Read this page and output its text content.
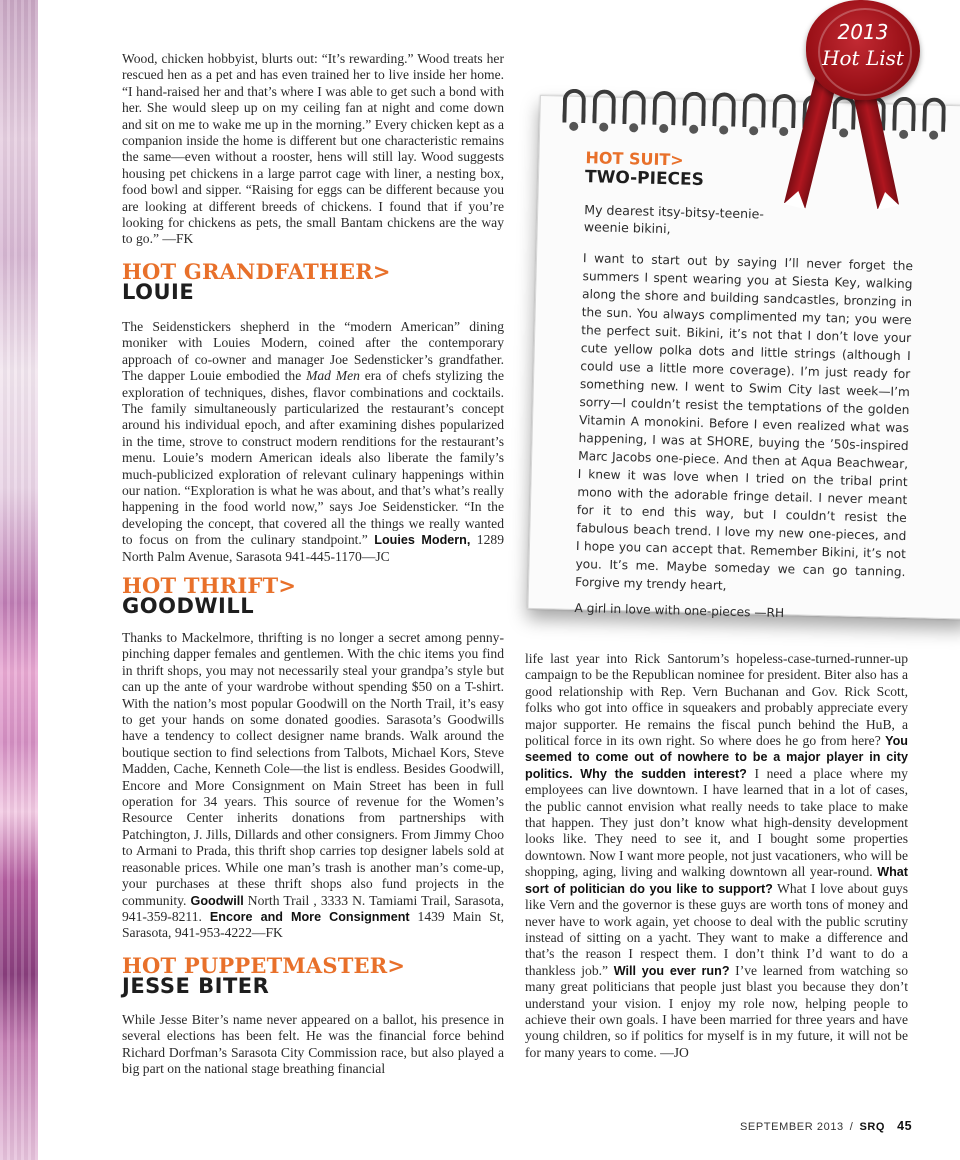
Wood, chicken hobbyist, blurts out: “It’s rewarding.” Wood treats her rescued hen as a pet and has even trained her to live inside her home. “I hand-raised her and that’s where I was able to get such a bond with her. She would sleep up on my ceiling fan at night and come down and sit on me to wake me up in the morning.” Every chicken kept as a companion inside the home is different but one characteristic remains the same—even without a rooster, hens will still lay. Wood suggests housing pet chickens in a large parrot cage with liner, a nesting box, food bowl and sipper. “Raising for eggs can be different because you are looking at different breeds of chickens. I found that if you’re looking for chickens as pets, the small Bantam chickens are the way to go.” —FK

HOT GRANDFATHER>
LOUIE

The Seidenstickers shepherd in the “modern American” dining moniker with Louies Modern, coined after the contemporary approach of co-owner and manager Joe Sedensticker’s grandfather. The dapper Louie embodied the Mad Men era of chefs stylizing the exploration of techniques, dishes, flavor combinations and cocktails. The family simultaneously particularized the restaurant’s concept around his individual epoch, and after examining dishes popularized in the time, strove to construct modern renditions for the restaurant’s menu. Louie’s modern American ideals also liberate the family’s much-publicized exploration of relevant culinary happenings within our nation. “Exploration is what he was about, and that’s what’s really happening in the food world now,” says Joe Seidensticker. “In the developing the concept, that covered all the things we really wanted to focus on from the culinary standpoint.” Louies Modern, 1289 North Palm Avenue, Sarasota 941-445-1170—JC

HOT THRIFT>
GOODWILL

Thanks to Mackelmore, thrifting is no longer a secret among penny-pinching dapper females and gentlemen. With the chic items you find in thrift shops, you may not necessarily steal your grandpa’s style but can up the ante of your wardrobe without spending $50 on a T-shirt. With the nation’s most popular Goodwill on the North Trail, it’s easy to get your hands on some donated goodies. Sarasota’s Goodwills have a tendency to collect designer name brands. Walk around the boutique section to find selections from Talbots, Michael Kors, Steve Madden, Cache, Kenneth Cole—the list is endless. Besides Goodwill, Encore and More Consignment on Main Street has been in full operation for 34 years. This source of revenue for the Women’s Resource Center inherits donations from partnerships with Patchington, J. Jills, Dillards and other consigners. From Jimmy Choo to Armani to Prada, this thrift shop carries top designer labels sold at reasonable prices. While one man’s trash is another man’s come-up, your purchases at these thrift shops also fund projects in the community. Goodwill North Trail , 3333 N. Tamiami Trail, Sarasota, 941-359-8211. Encore and More Consignment 1439 Main St, Sarasota, 941-953-4222—FK

HOT PUPPETMASTER>
JESSE BITER

While Jesse Biter’s name never appeared on a ballot, his presence in several elections has been felt. He was the financial force behind Richard Dorfman’s Sarasota City Commission race, but also played a big part on the national stage breathing financial

life last year into Rick Santorum’s hopeless-case-turned-runner-up campaign to be the Republican nominee for president. Biter also has a good relationship with Rep. Vern Buchanan and Gov. Rick Scott, folks who got into office in squeakers and probably appreciate every major supporter. He remains the fiscal punch behind the HuB, a political force in its own right. So where does he go from here? You seemed to come out of nowhere to be a major player in city politics. Why the sudden interest? I need a place where my employees can live downtown. I have learned that in a lot of cases, the public cannot envision what really needs to take place to make that happen. They just don’t know what high-density development looks like. They need to see it, and I bought some properties downtown. Now I want more people, not just vacationers, who will be shopping, aging, living and walking downtown all year-round. What sort of politician do you like to support? What I love about guys like Vern and the governor is these guys are worth tons of money and never have to work again, yet choose to deal with the public scrutiny instead of sitting on a yacht. They want to make a difference and that’s the reason I respect them. I don’t think I’d want to do a thankless job.” Will you ever run? I’ve learned from watching so many great politicians that people just blast you because they don’t understand your vision. I enjoy my role now, helping people to achieve their own goals. I have been married for three years and have young children, so if politics for myself is in my future, it will not be for many years to come. —JO

HOT SUIT>
TWO-PIECES
My dearest itsy-bitsy-teenie-weenie bikini,

I want to start out by saying I’ll never forget the summers I spent wearing you at Siesta Key, walking along the shore and building sandcastles, bronzing in the sun. You always complimented my tan; you were the perfect suit. Bikini, it’s not that I don’t love your cute yellow polka dots and little strings (although I could use a little more coverage). I’m just ready for something new. I went to Swim City last week—I’m sorry—I couldn’t resist the temptations of the golden Vitamin A monokini. Before I even realized what was happening, I was at SHORE, buying the ’50s-inspired Marc Jacobs one-piece. And then at Aqua Beachwear, I knew it was love when I tried on the tribal print mono with the adorable fringe detail. I never meant for it to end this way, but I couldn’t resist the fabulous beach trend. I love my new one-pieces, and I hope you can accept that. Remember Bikini, it’s not you. It’s me. Maybe someday we can go tanning. Forgive my trendy heart,

A girl in love with one-pieces —RH
2013
Hot List
SEPTEMBER 2013 / SRQ 45
